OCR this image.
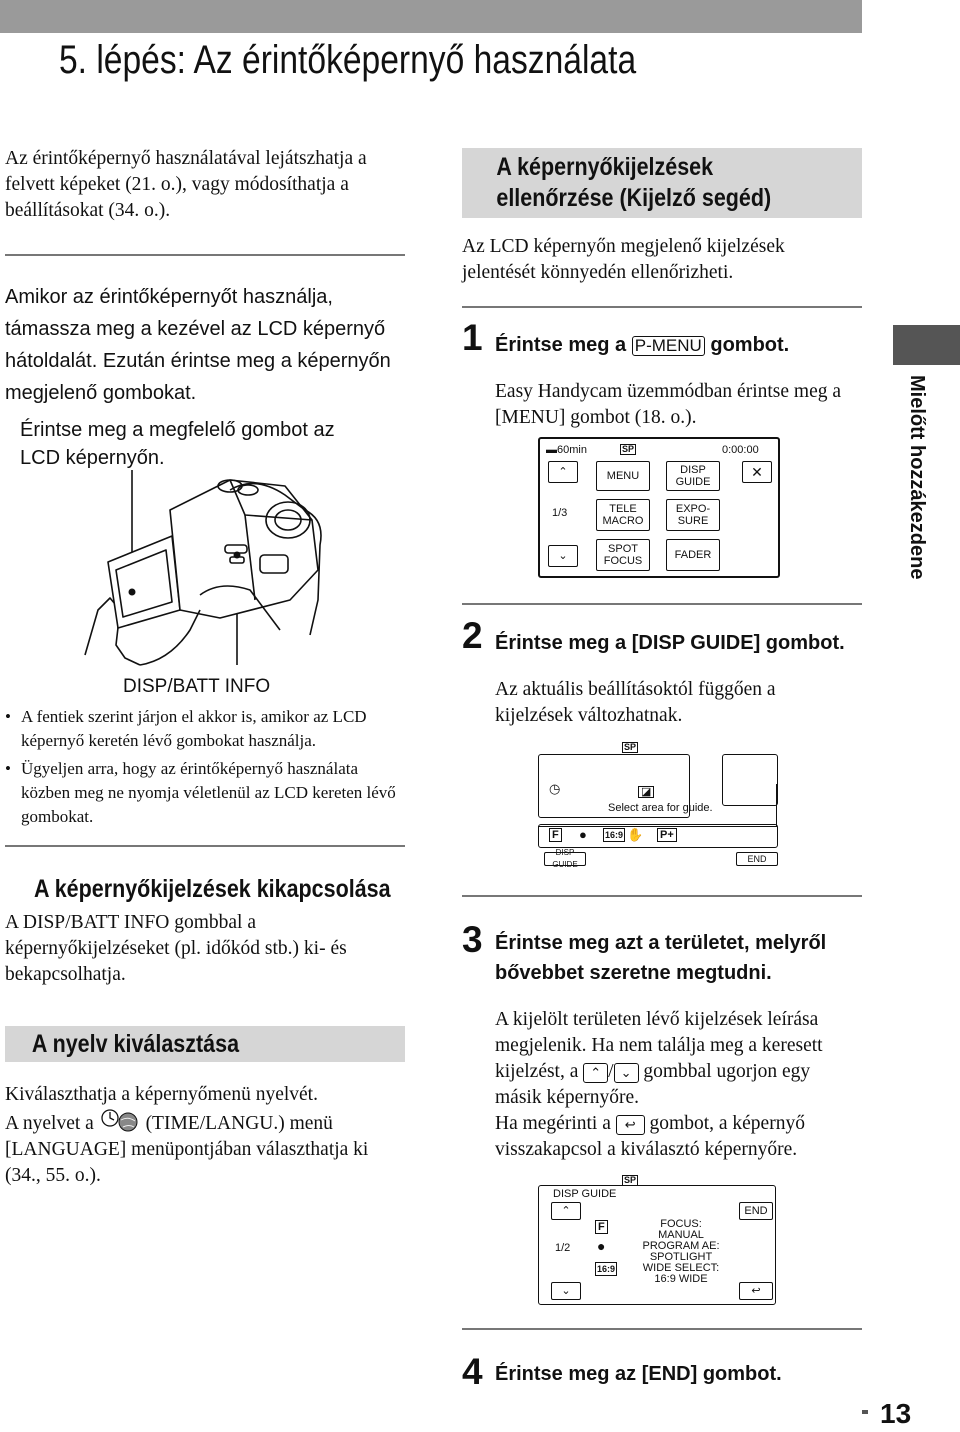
5. lépés: Az érintőképernyő használata
Mielőtt hozzákezdene
Az érintőképernyő használatával lejátszhatja a felvett képeket (21. o.), vagy módosíthatja a beállításokat (34. o.).
Amikor az érintőképernyőt használja, támassza meg a kezével az LCD képernyő hátoldalát. Ezután érintse meg a képernyőn megjelenő gombokat.
Érintse meg a megfelelő gombot az LCD képernyőn.
DISP/BATT INFO
• A fentiek szerint járjon el akkor is, amikor az LCD képernyő keretén lévő gombokat használja.
• Ügyeljen arra, hogy az érintőképernyő használata közben meg ne nyomja véletlenül az LCD kereten lévő gombokat.
A képernyőkijelzések kikapcsolása
A DISP/BATT INFO gombbal a képernyőkijelzéseket (pl. időkód stb.) ki- és bekapcsolhatja.
A nyelv kiválasztása
Kiválaszthatja a képernyőmenü nyelvét.
A nyelvet a	(TIME/LANGU.) menü [LANGUAGE] menüpontjában választhatja ki (34., 55. o.).
A képernyőkijelzések
ellenőrzése (Kijelző segéd)
Az LCD képernyőn megjelenő kijelzések jelentését könnyedén ellenőrizheti.
1 Érintse meg a P-MENU gombot.
Easy Handycam üzemmódban érintse meg a [MENU] gombot (18. o.).
▬60min	SP	0:00:00
⌃	MENU	DISP
GUIDE
✕
1/3	TELE
MACRO
EXPO-
SURE
⌄
SPOT
FOCUS	FADER
2 Érintse meg a [DISP GUIDE] gombot.
Az aktuális beállításoktól függően a kijelzések változhatnak.
SP
◷	◪
Select area for guide.
F ● 16:9 ✋ P+
DISP GUIDE
END
3 Érintse meg azt a területet, melyről bővebbet szeretne megtudni.
A kijelölt területen lévő kijelzések leírása megjelenik. Ha nem találja meg a keresett kijelzést, a ⌃ / ⌄ gombbal ugorjon egy másik képernyőre.
Ha megérinti a ↩ gombot, a képernyő visszakapcsol a kiválasztó képernyőre.
SP
DISP GUIDE
⌃	END
1/2
F
●
16:9
FOCUS:
MANUAL
PROGRAM AE:
SPOTLIGHT
WIDE SELECT:
16:9 WIDE
⌄	↩
4 Érintse meg az [END] gombot.
13
